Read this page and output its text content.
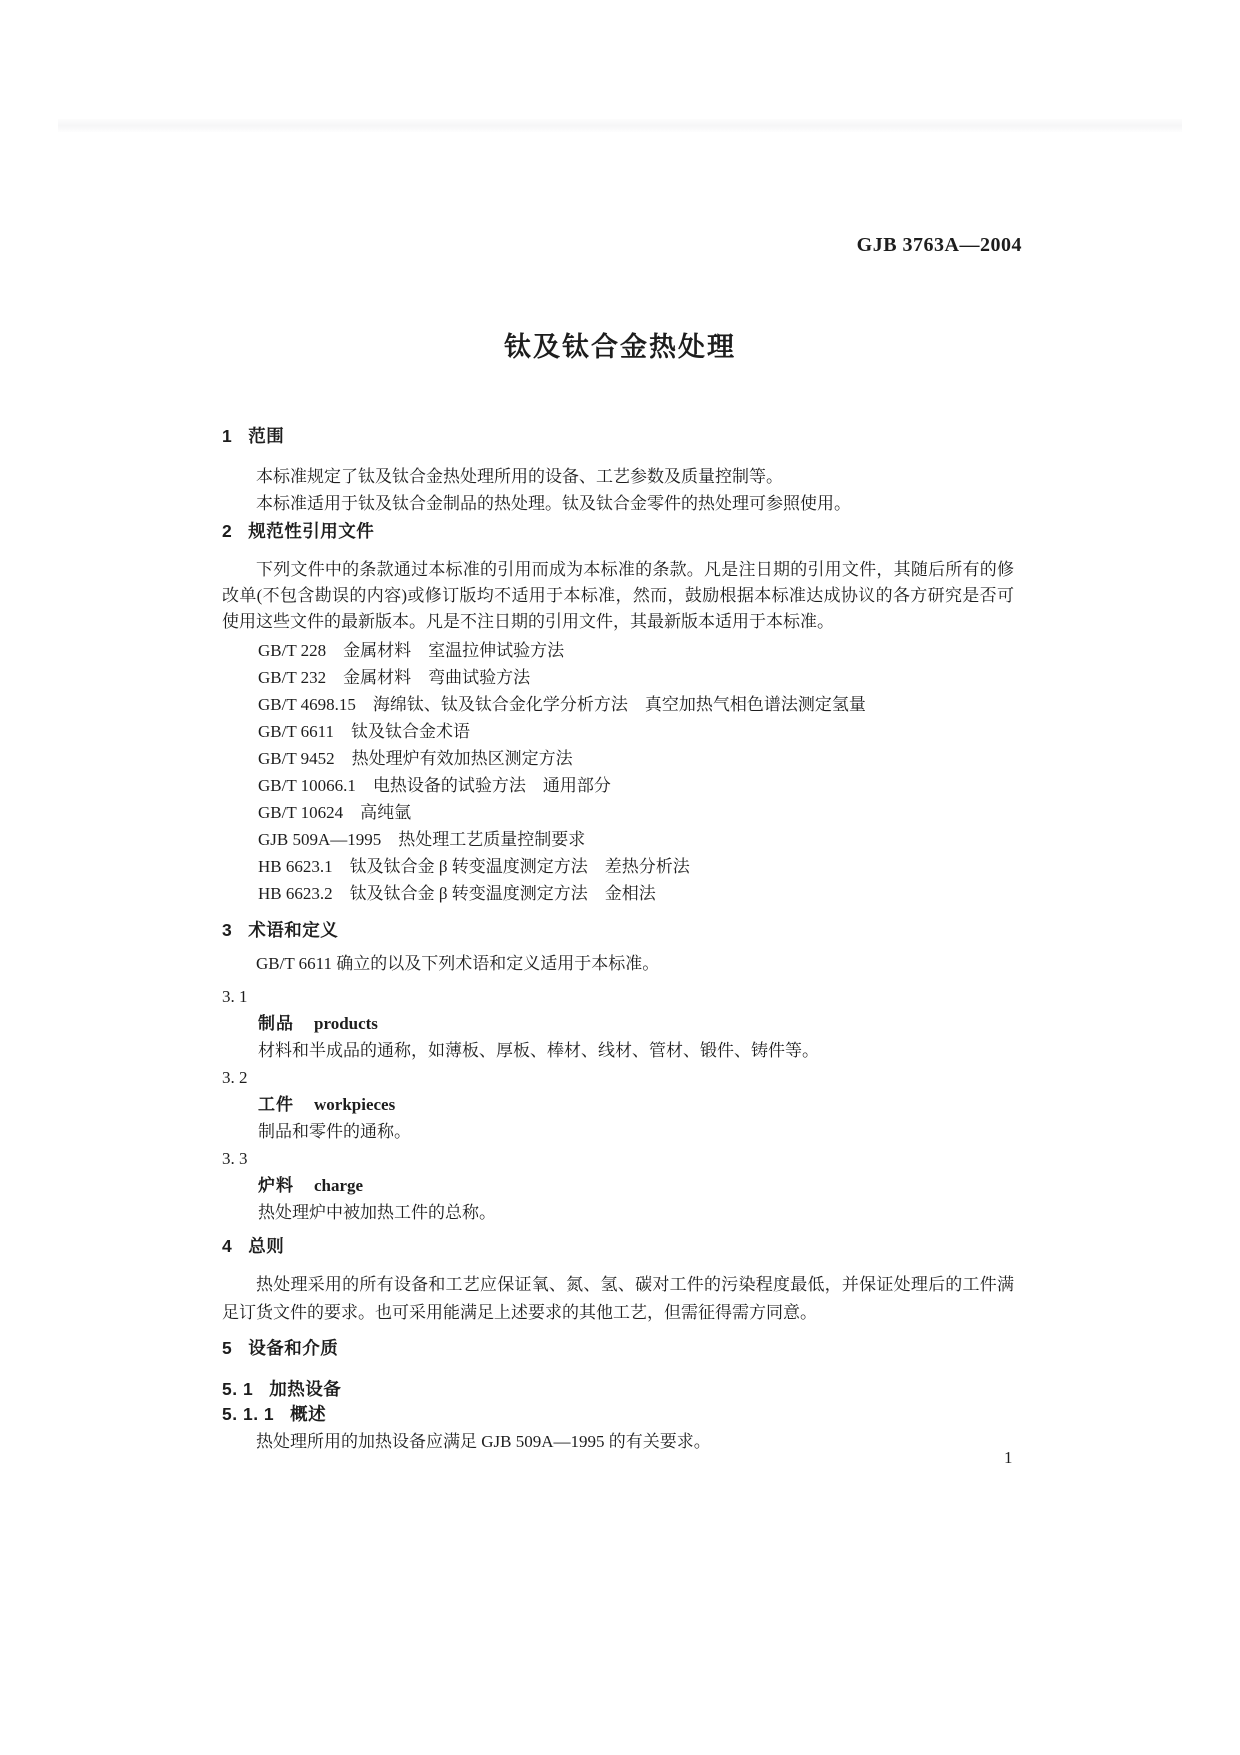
GJB 3763A—2004
钛及钛合金热处理
1 范围
本标准规定了钛及钛合金热处理所用的设备、工艺参数及质量控制等。
本标准适用于钛及钛合金制品的热处理。钛及钛合金零件的热处理可参照使用。
2 规范性引用文件
下列文件中的条款通过本标准的引用而成为本标准的条款。凡是注日期的引用文件，其随后所有的修改单(不包含勘误的内容)或修订版均不适用于本标准，然而，鼓励根据本标准达成协议的各方研究是否可使用这些文件的最新版本。凡是不注日期的引用文件，其最新版本适用于本标准。
GB/T 228　金属材料　室温拉伸试验方法
GB/T 232　金属材料　弯曲试验方法
GB/T 4698.15　海绵钛、钛及钛合金化学分析方法　真空加热气相色谱法测定氢量
GB/T 6611　钛及钛合金术语
GB/T 9452　热处理炉有效加热区测定方法
GB/T 10066.1　电热设备的试验方法　通用部分
GB/T 10624　高纯氩
GJB 509A—1995　热处理工艺质量控制要求
HB 6623.1　钛及钛合金 β 转变温度测定方法　差热分析法
HB 6623.2　钛及钛合金 β 转变温度测定方法　金相法
3 术语和定义
GB/T 6611 确立的以及下列术语和定义适用于本标准。
3. 1
制品 products
材料和半成品的通称，如薄板、厚板、棒材、线材、管材、锻件、铸件等。
3. 2
工件 workpieces
制品和零件的通称。
3. 3
炉料 charge
热处理炉中被加热工件的总称。
4 总则
热处理采用的所有设备和工艺应保证氧、氮、氢、碳对工件的污染程度最低，并保证处理后的工件满足订货文件的要求。也可采用能满足上述要求的其他工艺，但需征得需方同意。
5 设备和介质
5. 1 加热设备
5. 1. 1 概述
热处理所用的加热设备应满足 GJB 509A—1995 的有关要求。
1
